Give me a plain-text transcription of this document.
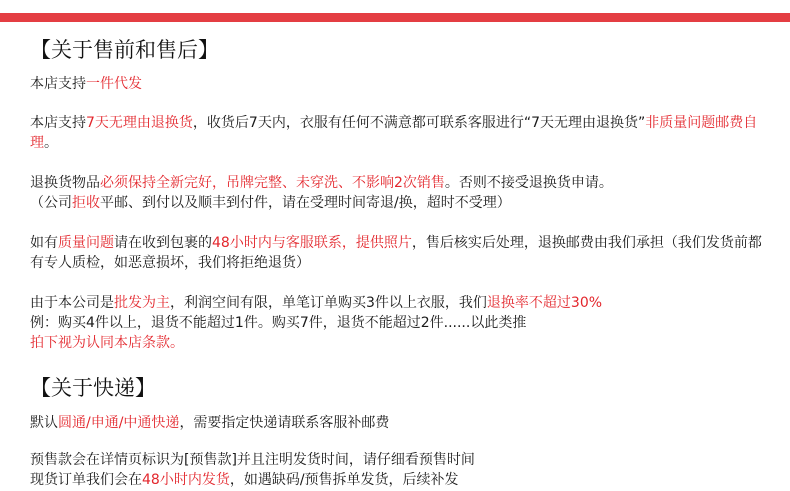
【关于售前和售后】

本店支持一件代发

本店支持7天无理由退换货，收货后7天内，衣服有任何不满意都可联系客服进行“7天无理由退换货”非质量问题邮费自理。

退换货物品必须保持全新完好，吊牌完整、未穿洗、不影响2次销售。否则不接受退换货申请。
（公司拒收平邮、到付以及顺丰到付件，请在受理时间寄退/换，超时不受理）

如有质量问题请在收到包裹的48小时内与客服联系，提供照片，售后核实后处理，退换邮费由我们承担（我们发货前都有专人质检，如恶意损坏，我们将拒绝退货）

由于本公司是批发为主，利润空间有限，单笔订单购买3件以上衣服，我们退换率不超过30%
例：购买4件以上，退货不能超过1件。购买7件，退货不能超过2件......以此类推
拍下视为认同本店条款。

【关于快递】

默认圆通/申通/中通快递，需要指定快递请联系客服补邮费

预售款会在详情页标识为[预售款]并且注明发货时间，请仔细看预售时间
现货订单我们会在48小时内发货，如遇缺码/预售拆单发货，后续补发
